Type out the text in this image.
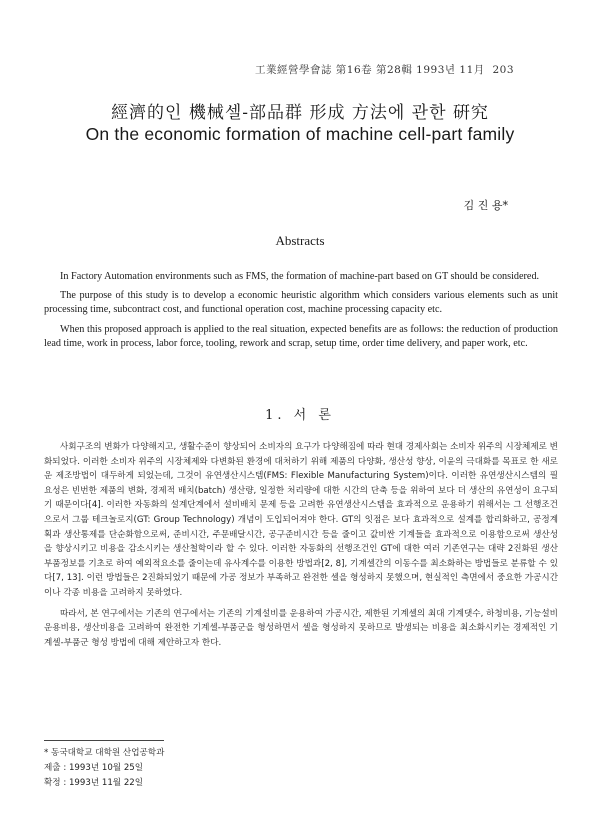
工業經營學會誌 第16卷 第28輯 1993년 11月 203
經濟的인 機械셀-部品群 形成 方法에 관한 硏究
On the economic formation of machine cell-part family
김 진 용*
Abstracts

In Factory Automation environments such as FMS, the formation of machine-part based on GT should be considered.

The purpose of this study is to develop a economic heuristic algorithm which considers various elements such as unit processing time, subcontract cost, and functional operation cost, machine processing capacity etc.

When this proposed approach is applied to the real situation, expected benefits are as follows: the reduction of production lead time, work in process, labor force, tooling, rework and scrap, setup time, order time delivery, and paper work, etc.

1. 서 론

사회구조의 변화가 다양해지고, 생활수준이 향상되어 소비자의 요구가 다양해짐에 따라 현대 경제사회는 소비자 위주의 시장체제로 변화되었다. 이러한 소비자 위주의 시장체제와 다변화된 환경에 대처하기 위해 제품의 다양화, 생산성 향상, 이윤의 극대화를 목표로 한 새로운 제조방법이 대두하게 되었는데, 그것이 유연생산시스템(FMS: Flexible Manufacturing System)이다. 이러한 유연생산시스템의 필요성은 빈번한 제품의 변화, 경제적 배치(batch) 생산량, 일정한 처리량에 대한 시간의 단축 등을 위하여 보다 더 생산의 유연성이 요구되기 때문이다[4]. 이러한 자동화의 설계단계에서 설비배치 문제 등을 고려한 유연생산시스템을 효과적으로 운용하기 위해서는 그 선행조건으로서 그룹 테크놀로지(GT: Group Technology) 개념이 도입되어져야 한다. GT의 잇점은 보다 효과적으로 설계를 합리화하고, 공정계획과 생산통제를 단순화함으로써, 준비시간, 주문배달시간, 공구준비시간 등을 줄이고 값비싼 기계들을 효과적으로 이용함으로써 생산성을 향상시키고 비용을 감소시키는 생산철학이라 할 수 있다. 이러한 자동화의 선행조건인 GT에 대한 여러 기존연구는 대략 2진화된 생산 부품정보를 기초로 하여 예외적요소를 줄이는데 유사계수를 이용한 방법과[2, 8], 기계셀간의 이동수를 최소화하는 방법들로 분류할 수 있다[7, 13]. 이런 방법들은 2진화되었기 때문에 가공 정보가 부족하고 완전한 셀을 형성하지 못했으며, 현실적인 측면에서 중요한 가공시간이나 각종 비용을 고려하지 못하였다.

따라서, 본 연구에서는 기존의 연구에서는 기존의 기계설비를 운용하여 가공시간, 제한된 기계셀의 최대 기계댓수, 하청비용, 기능설비 운용비용, 생산비용을 고려하여 완전한 기계셀-부품군을 형성하면서 셀을 형성하지 못하므로 발생되는 비용을 최소화시키는 경제적인 기계셀-부품군 형성 방법에 대해 제안하고자 한다.

* 동국대학교 대학원 산업공학과
제출 : 1993년 10월 25일
확정 : 1993년 11월 22일
